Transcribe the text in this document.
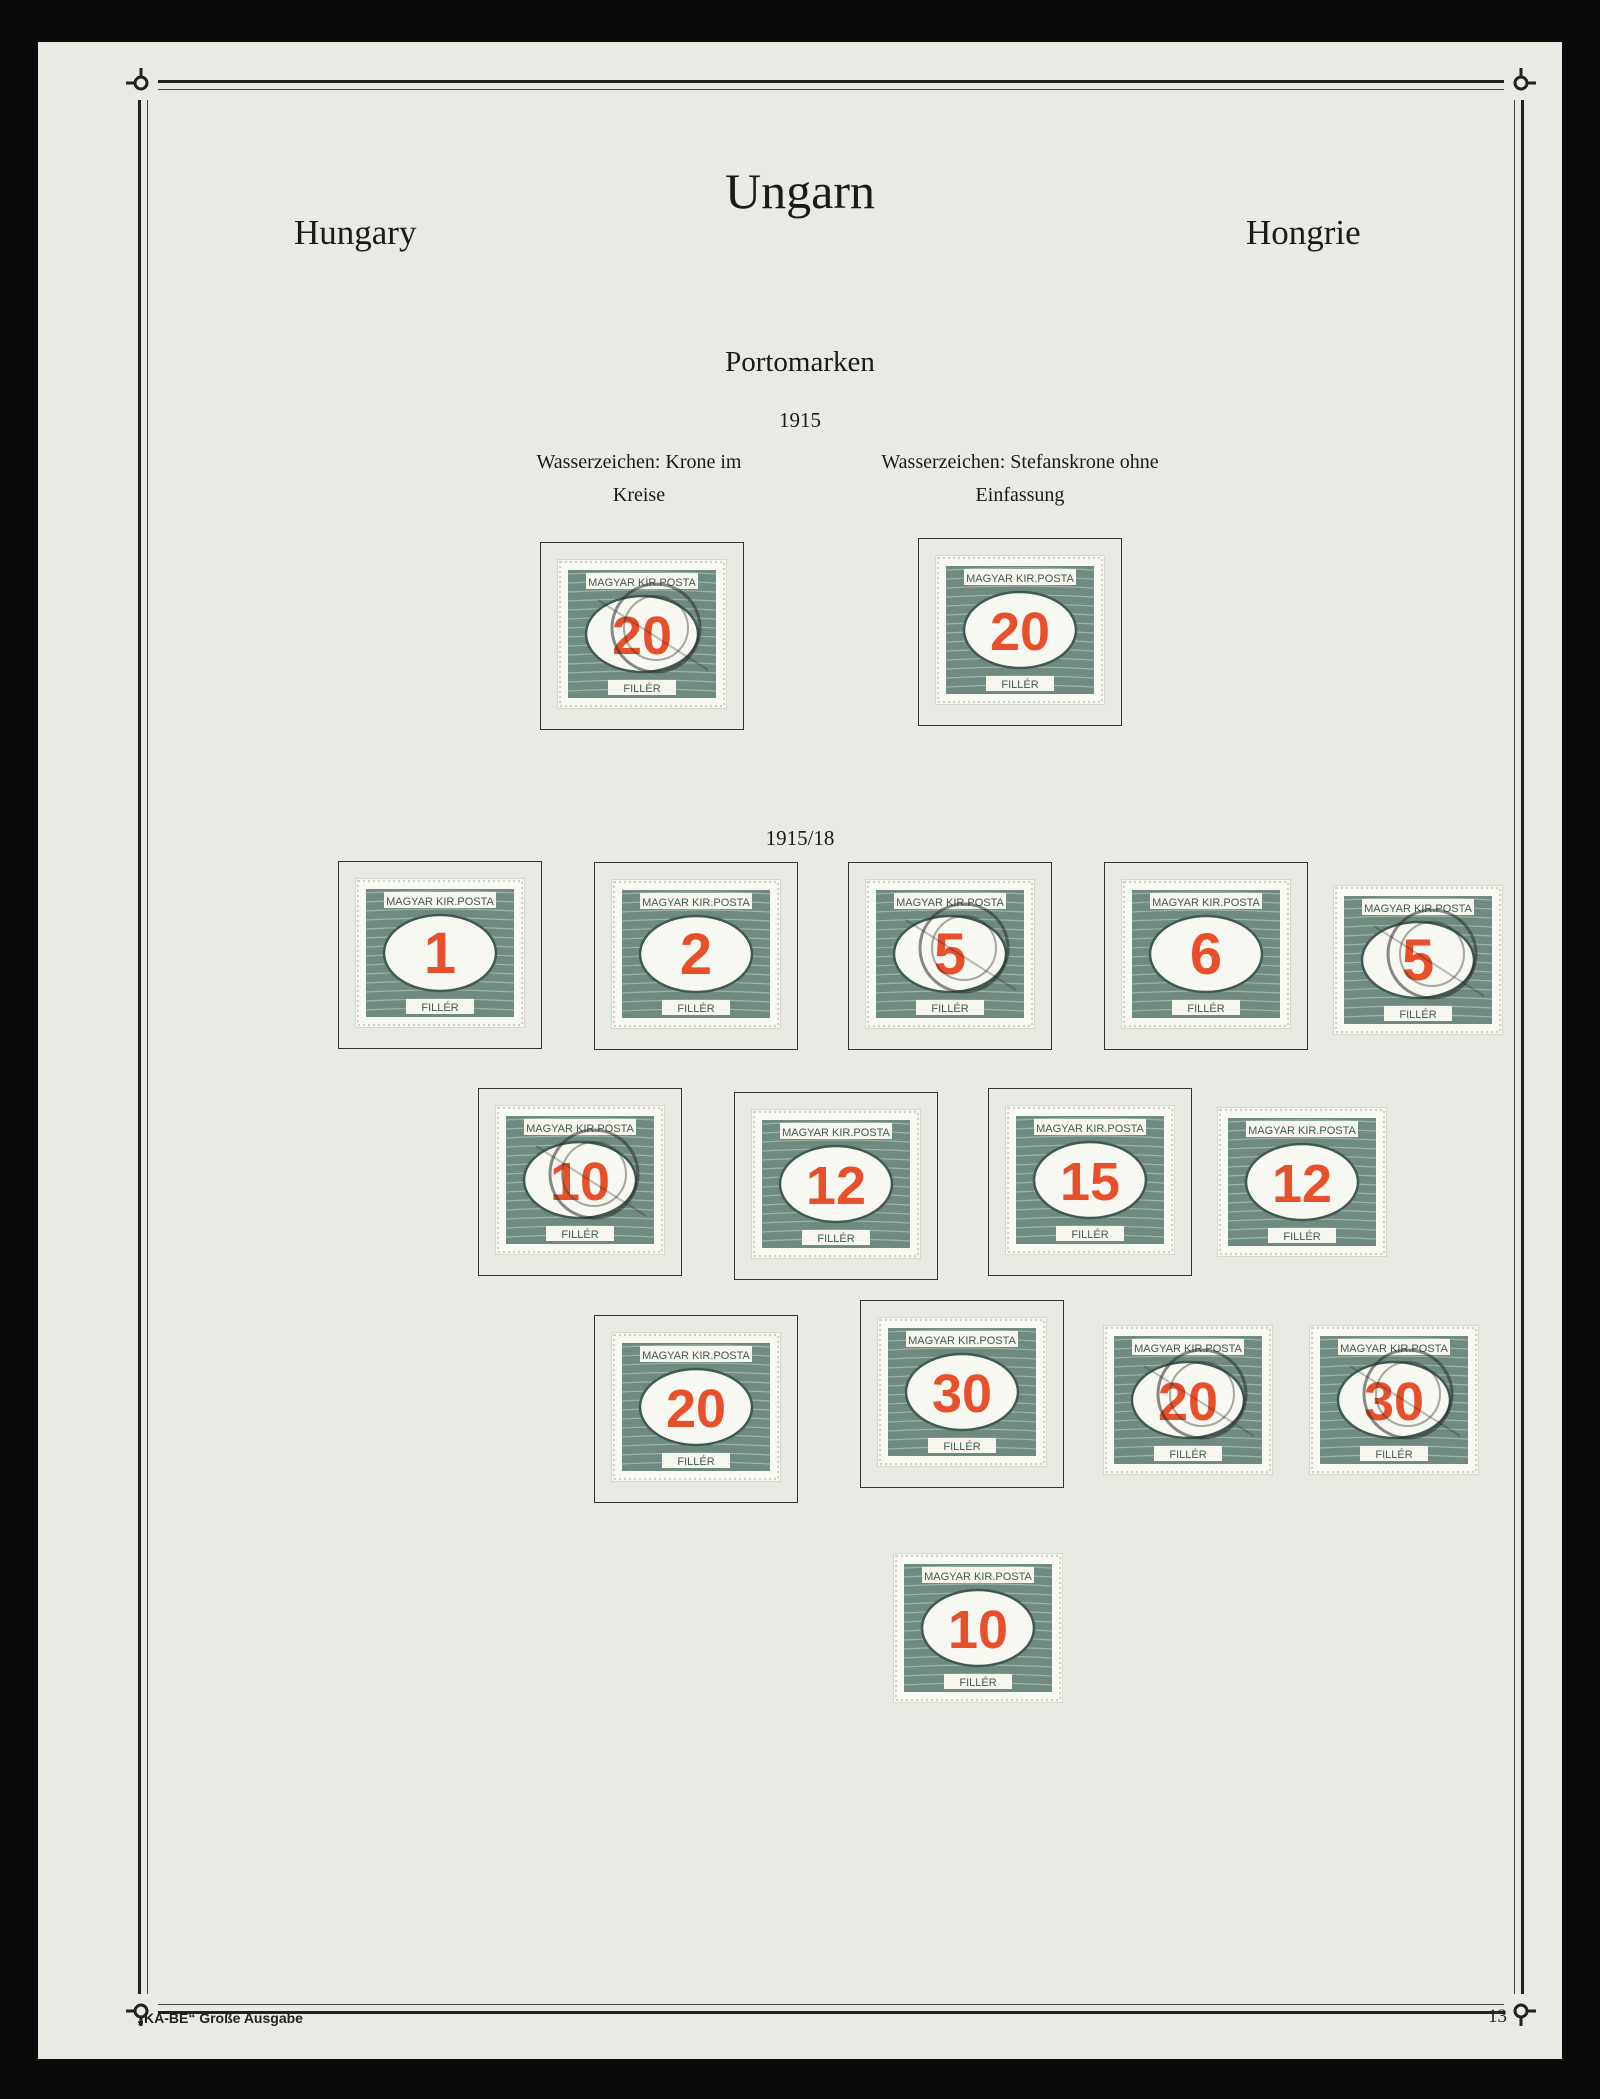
Ungarn
Hungary	Hongrie
Portomarken
1915
Wasserzeichen: Krone im Kreise
Wasserzeichen: Stefanskrone ohne Einfassung
1915/18
„KA-BE“ Große Ausgabe	13
MAGYAR KIR.POSTA
FILLÉR
20
MAGYAR KIR.POSTA
FILLÉR
20
MAGYAR KIR.POSTA
FILLÉR
1
MAGYAR KIR.POSTA
FILLÉR
2
MAGYAR KIR.POSTA
FILLÉR
5
MAGYAR KIR.POSTA
FILLÉR
6
MAGYAR KIR.POSTA
FILLÉR
5
MAGYAR KIR.POSTA
FILLÉR
10
MAGYAR KIR.POSTA
FILLÉR
12
MAGYAR KIR.POSTA
FILLÉR
15
MAGYAR KIR.POSTA
FILLÉR
12
MAGYAR KIR.POSTA
FILLÉR
20
MAGYAR KIR.POSTA
FILLÉR
30
MAGYAR KIR.POSTA
FILLÉR
20
MAGYAR KIR.POSTA
FILLÉR
30
MAGYAR KIR.POSTA
FILLÉR
10
